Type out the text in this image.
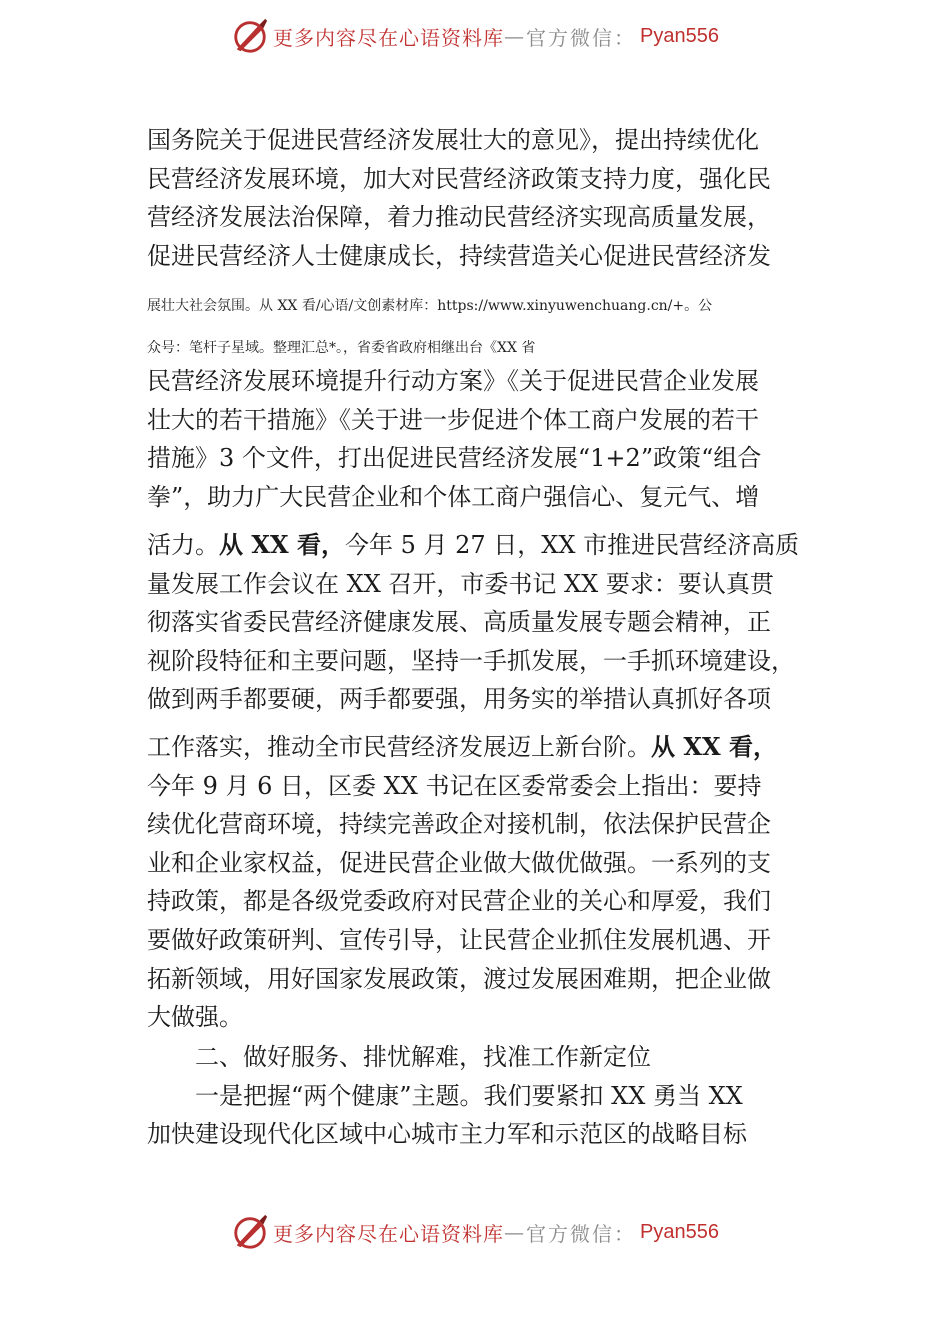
更多内容尽在心语资料库 — 官方微信： Pyan556
国务院关于促进民营经济发展壮大的意见》，提出持续优化
民营经济发展环境，加大对民营经济政策支持力度，强化民
营经济发展法治保障，着力推动民营经济实现高质量发展，
促进民营经济人士健康成长，持续营造关心促进民营经济发
展壮大社会氛围。从 XX 看/心语/文创素材库：https://www.xinyuwenchuang.cn/+。公
众号：笔杆子星域。整理汇总*。，省委省政府相继出台《XX 省
民营经济发展环境提升行动方案》《关于促进民营企业发展
壮大的若干措施》《关于进一步促进个体工商户发展的若干
措施》3 个文件，打出促进民营经济发展“1+2”政策“组合
拳”，助力广大民营企业和个体工商户强信心、复元气、增
活力。从 XX 看，今年 5 月 27 日，XX 市推进民营经济高质
量发展工作会议在 XX 召开，市委书记 XX 要求：要认真贯
彻落实省委民营经济健康发展、高质量发展专题会精神，正
视阶段特征和主要问题，坚持一手抓发展，一手抓环境建设，
做到两手都要硬，两手都要强，用务实的举措认真抓好各项
工作落实，推动全市民营经济发展迈上新台阶。从 XX 看，
今年 9 月 6 日，区委 XX 书记在区委常委会上指出：要持
续优化营商环境，持续完善政企对接机制，依法保护民营企
业和企业家权益，促进民营企业做大做优做强。一系列的支
持政策，都是各级党委政府对民营企业的关心和厚爱，我们
要做好政策研判、宣传引导，让民营企业抓住发展机遇、开
拓新领域，用好国家发展政策，渡过发展困难期，把企业做
大做强。
二、做好服务、排忧解难，找准工作新定位
一是把握“两个健康”主题。我们要紧扣 XX 勇当 XX
加快建设现代化区域中心城市主力军和示范区的战略目标
更多内容尽在心语资料库 — 官方微信： Pyan556
